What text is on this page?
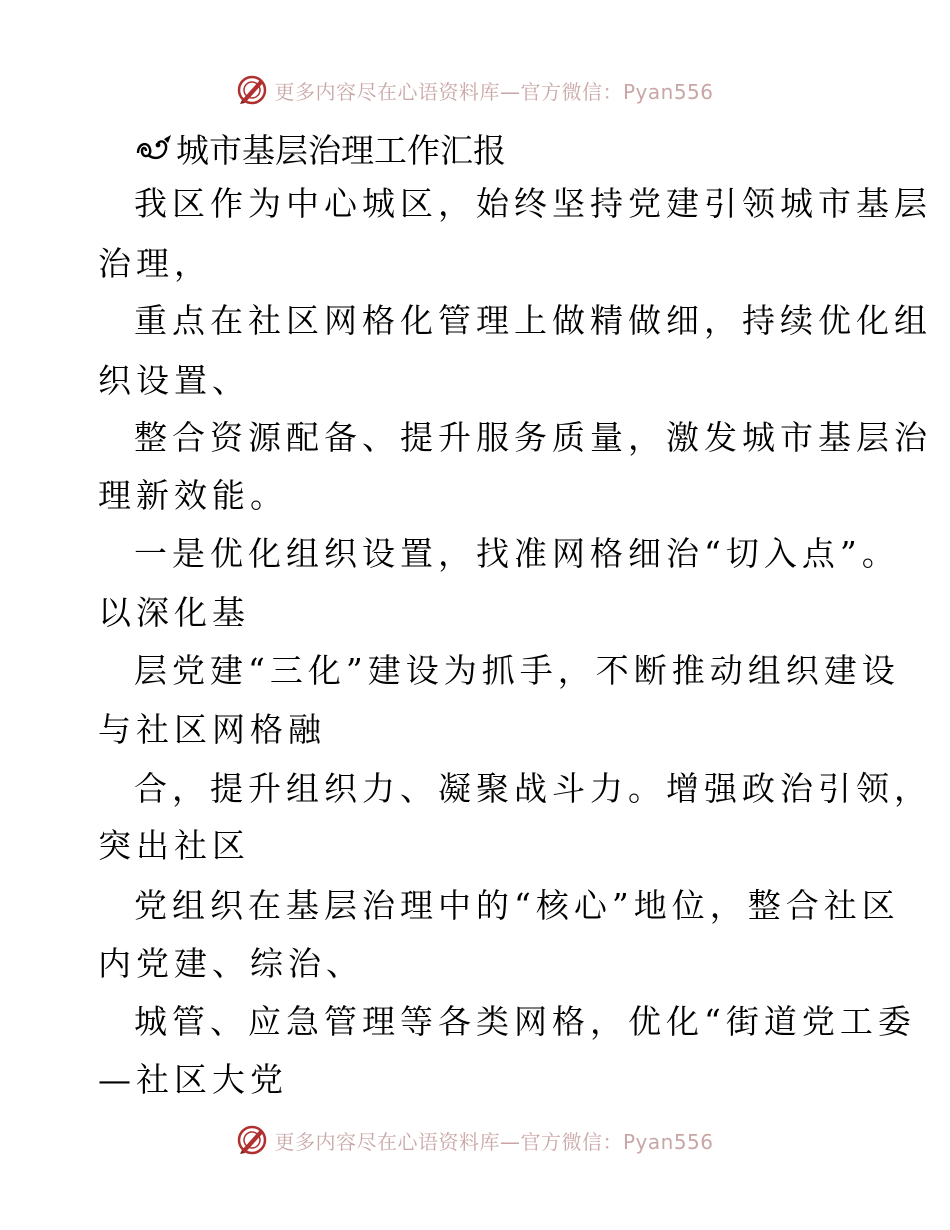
更多内容尽在心语资料库—官方微信：Pyan556
城市基层治理工作汇报
我区作为中心城区，始终坚持党建引领城市基层
治理，
重点在社区网格化管理上做精做细，持续优化组
织设置、
整合资源配备、提升服务质量，激发城市基层治
理新效能。
一是优化组织设置，找准网格细治“切入点”。
以深化基
层党建“三化”建设为抓手，不断推动组织建设
与社区网格融
合，提升组织力、凝聚战斗力。增强政治引领，
突出社区
党组织在基层治理中的“核心”地位，整合社区
内党建、综治、
城管、应急管理等各类网格，优化“街道党工委
—社区大党
更多内容尽在心语资料库—官方微信：Pyan556
